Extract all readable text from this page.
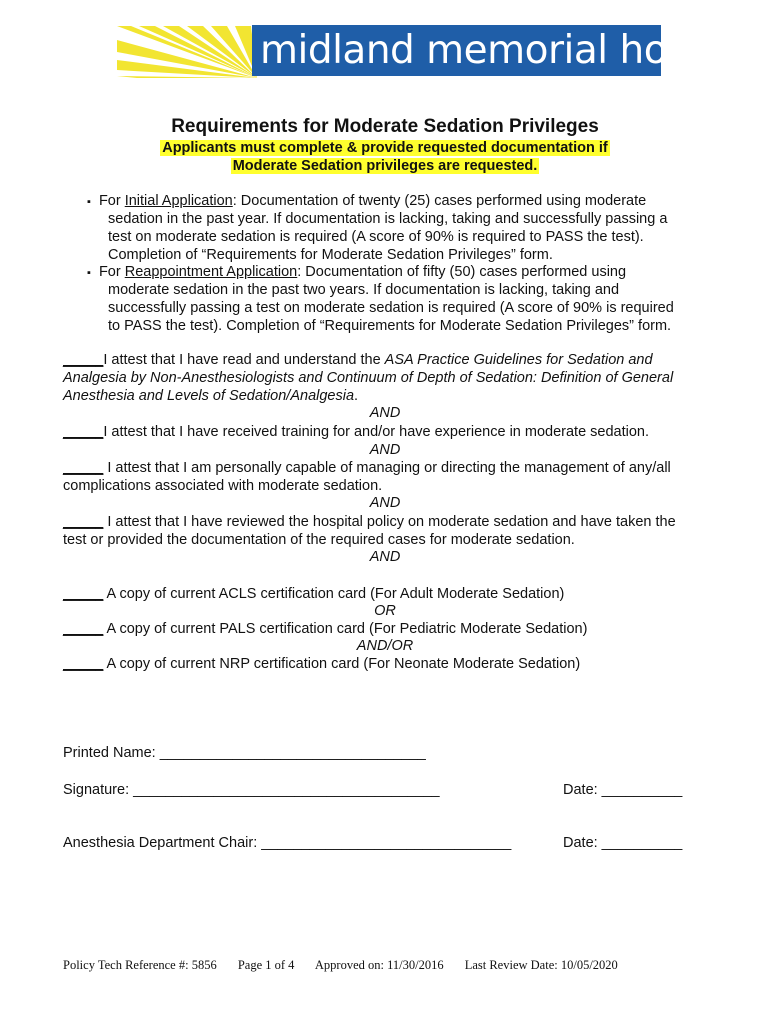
midland memorial hospital
Requirements for Moderate Sedation Privileges
Applicants must complete & provide requested documentation if
Moderate Sedation privileges are requested.
▪ For Initial Application: Documentation of twenty (25) cases performed using moderate
sedation in the past year. If documentation is lacking, taking and successfully passing a
test on moderate sedation is required (A score of 90% is required to PASS the test).
Completion of “Requirements for Moderate Sedation Privileges” form.
▪ For Reappointment Application: Documentation of fifty (50) cases performed using
moderate sedation in the past two years. If documentation is lacking, taking and
successfully passing a test on moderate sedation is required (A score of 90% is required
to PASS the test). Completion of “Requirements for Moderate Sedation Privileges” form.
_____I attest that I have read and understand the ASA Practice Guidelines for Sedation and
Analgesia by Non-Anesthesiologists and Continuum of Depth of Sedation: Definition of General
Anesthesia and Levels of Sedation/Analgesia.
AND
_____I attest that I have received training for and/or have experience in moderate sedation.
AND
_____ I attest that I am personally capable of managing or directing the management of any/all
complications associated with moderate sedation.
AND
_____ I attest that I have reviewed the hospital policy on moderate sedation and have taken the
test or provided the documentation of the required cases for moderate sedation.
AND
_____ A copy of current ACLS certification card (For Adult Moderate Sedation)
OR
_____ A copy of current PALS certification card (For Pediatric Moderate Sedation)
AND/OR
_____ A copy of current NRP certification card (For Neonate Moderate Sedation)
Printed Name: _________________________________
Signature: ______________________________________	Date: __________
Anesthesia Department Chair: _______________________________	Date: __________
Policy Tech Reference #: 5856 Page 1 of 4 Approved on: 11/30/2016 Last Review Date: 10/05/2020
